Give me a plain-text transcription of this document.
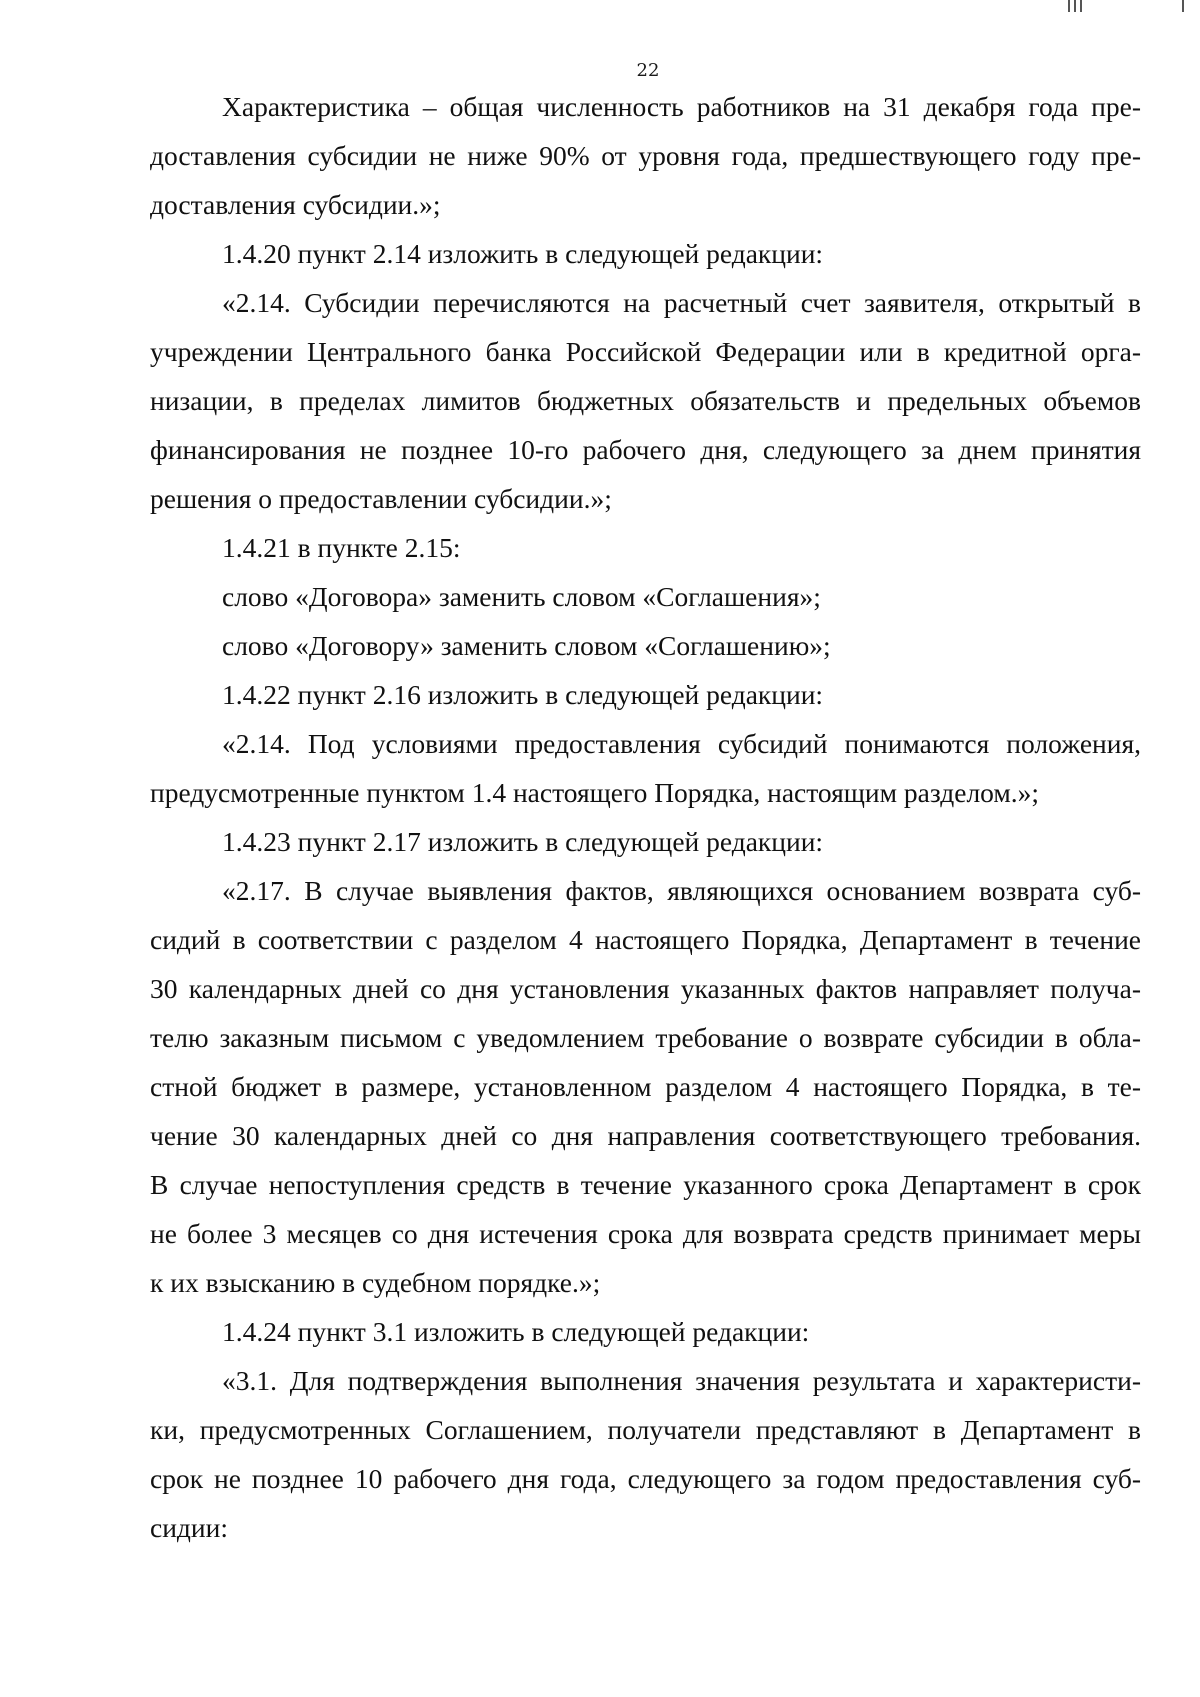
22
Характеристика – общая численность работников на 31 декабря года пре-
доставления субсидии не ниже 90% от уровня года, предшествующего году пре-
доставления субсидии.»;
1.4.20 пункт 2.14 изложить в следующей редакции:
«2.14. Субсидии перечисляются на расчетный счет заявителя, открытый в
учреждении Центрального банка Российской Федерации или в кредитной орга-
низации, в пределах лимитов бюджетных обязательств и предельных объемов
финансирования не позднее 10-го рабочего дня, следующего за днем принятия
решения о предоставлении субсидии.»;
1.4.21 в пункте 2.15:
слово «Договора» заменить словом «Соглашения»;
слово «Договору» заменить словом «Соглашению»;
1.4.22 пункт 2.16 изложить в следующей редакции:
«2.14. Под условиями предоставления субсидий понимаются положения,
предусмотренные пунктом 1.4 настоящего Порядка, настоящим разделом.»;
1.4.23 пункт 2.17 изложить в следующей редакции:
«2.17. В случае выявления фактов, являющихся основанием возврата суб-
сидий в соответствии с разделом 4 настоящего Порядка, Департамент в течение
30 календарных дней со дня установления указанных фактов направляет получа-
телю заказным письмом с уведомлением требование о возврате субсидии в обла-
стной бюджет в размере, установленном разделом 4 настоящего Порядка, в те-
чение 30 календарных дней со дня направления соответствующего требования.
В случае непоступления средств в течение указанного срока Департамент в срок
не более 3 месяцев со дня истечения срока для возврата средств принимает меры
к их взысканию в судебном порядке.»;
1.4.24 пункт 3.1 изложить в следующей редакции:
«3.1. Для подтверждения выполнения значения результата и характеристи-
ки, предусмотренных Соглашением, получатели представляют в Департамент в
срок не позднее 10 рабочего дня года, следующего за годом предоставления суб-
сидии:
